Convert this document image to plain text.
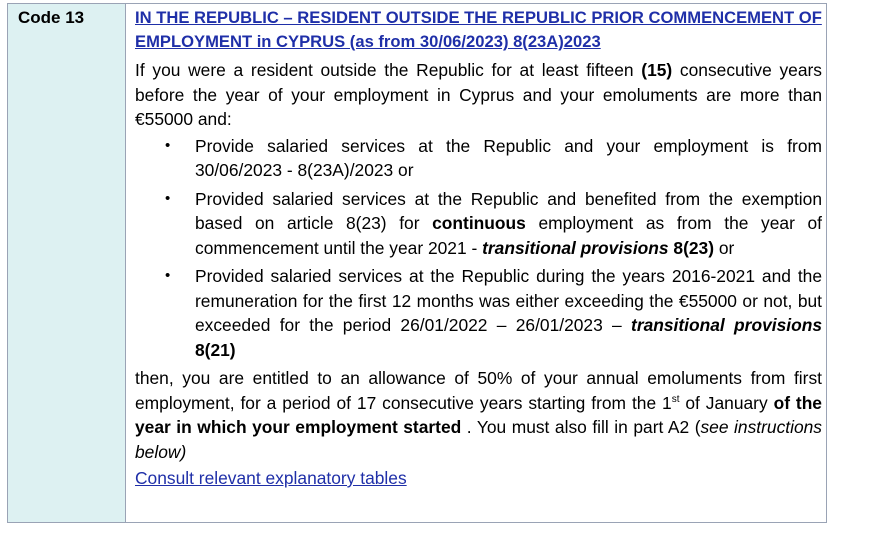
Code 13	IN THE REPUBLIC – RESIDENT OUTSIDE THE REPUBLIC PRIOR COMMENCEMENT OF
EMPLOYMENT in CYPRUS (as from 30/06/2023) 8(23A)2023

If you were a resident outside the Republic for at least fifteen (15) consecutive years before the year of your employment in Cyprus and your emoluments are more than €55000 and:

• Provide salaried services at the Republic and your employment is from 30/06/2023 - 8(23A)/2023 or
• Provided salaried services at the Republic and benefited from the exemption based on article 8(23) for continuous employment as from the year of commencement until the year 2021 - transitional provisions 8(23) or
• Provided salaried services at the Republic during the years 2016-2021 and the remuneration for the first 12 months was either exceeding the €55000 or not, but exceeded for the period 26/01/2022 – 26/01/2023 – transitional provisions 8(21)

then, you are entitled to an allowance of 50% of your annual emoluments from first employment, for a period of 17 consecutive years starting from the 1st of January of the year in which your employment started . You must also fill in part A2 (see instructions below)

Consult relevant explanatory tables
